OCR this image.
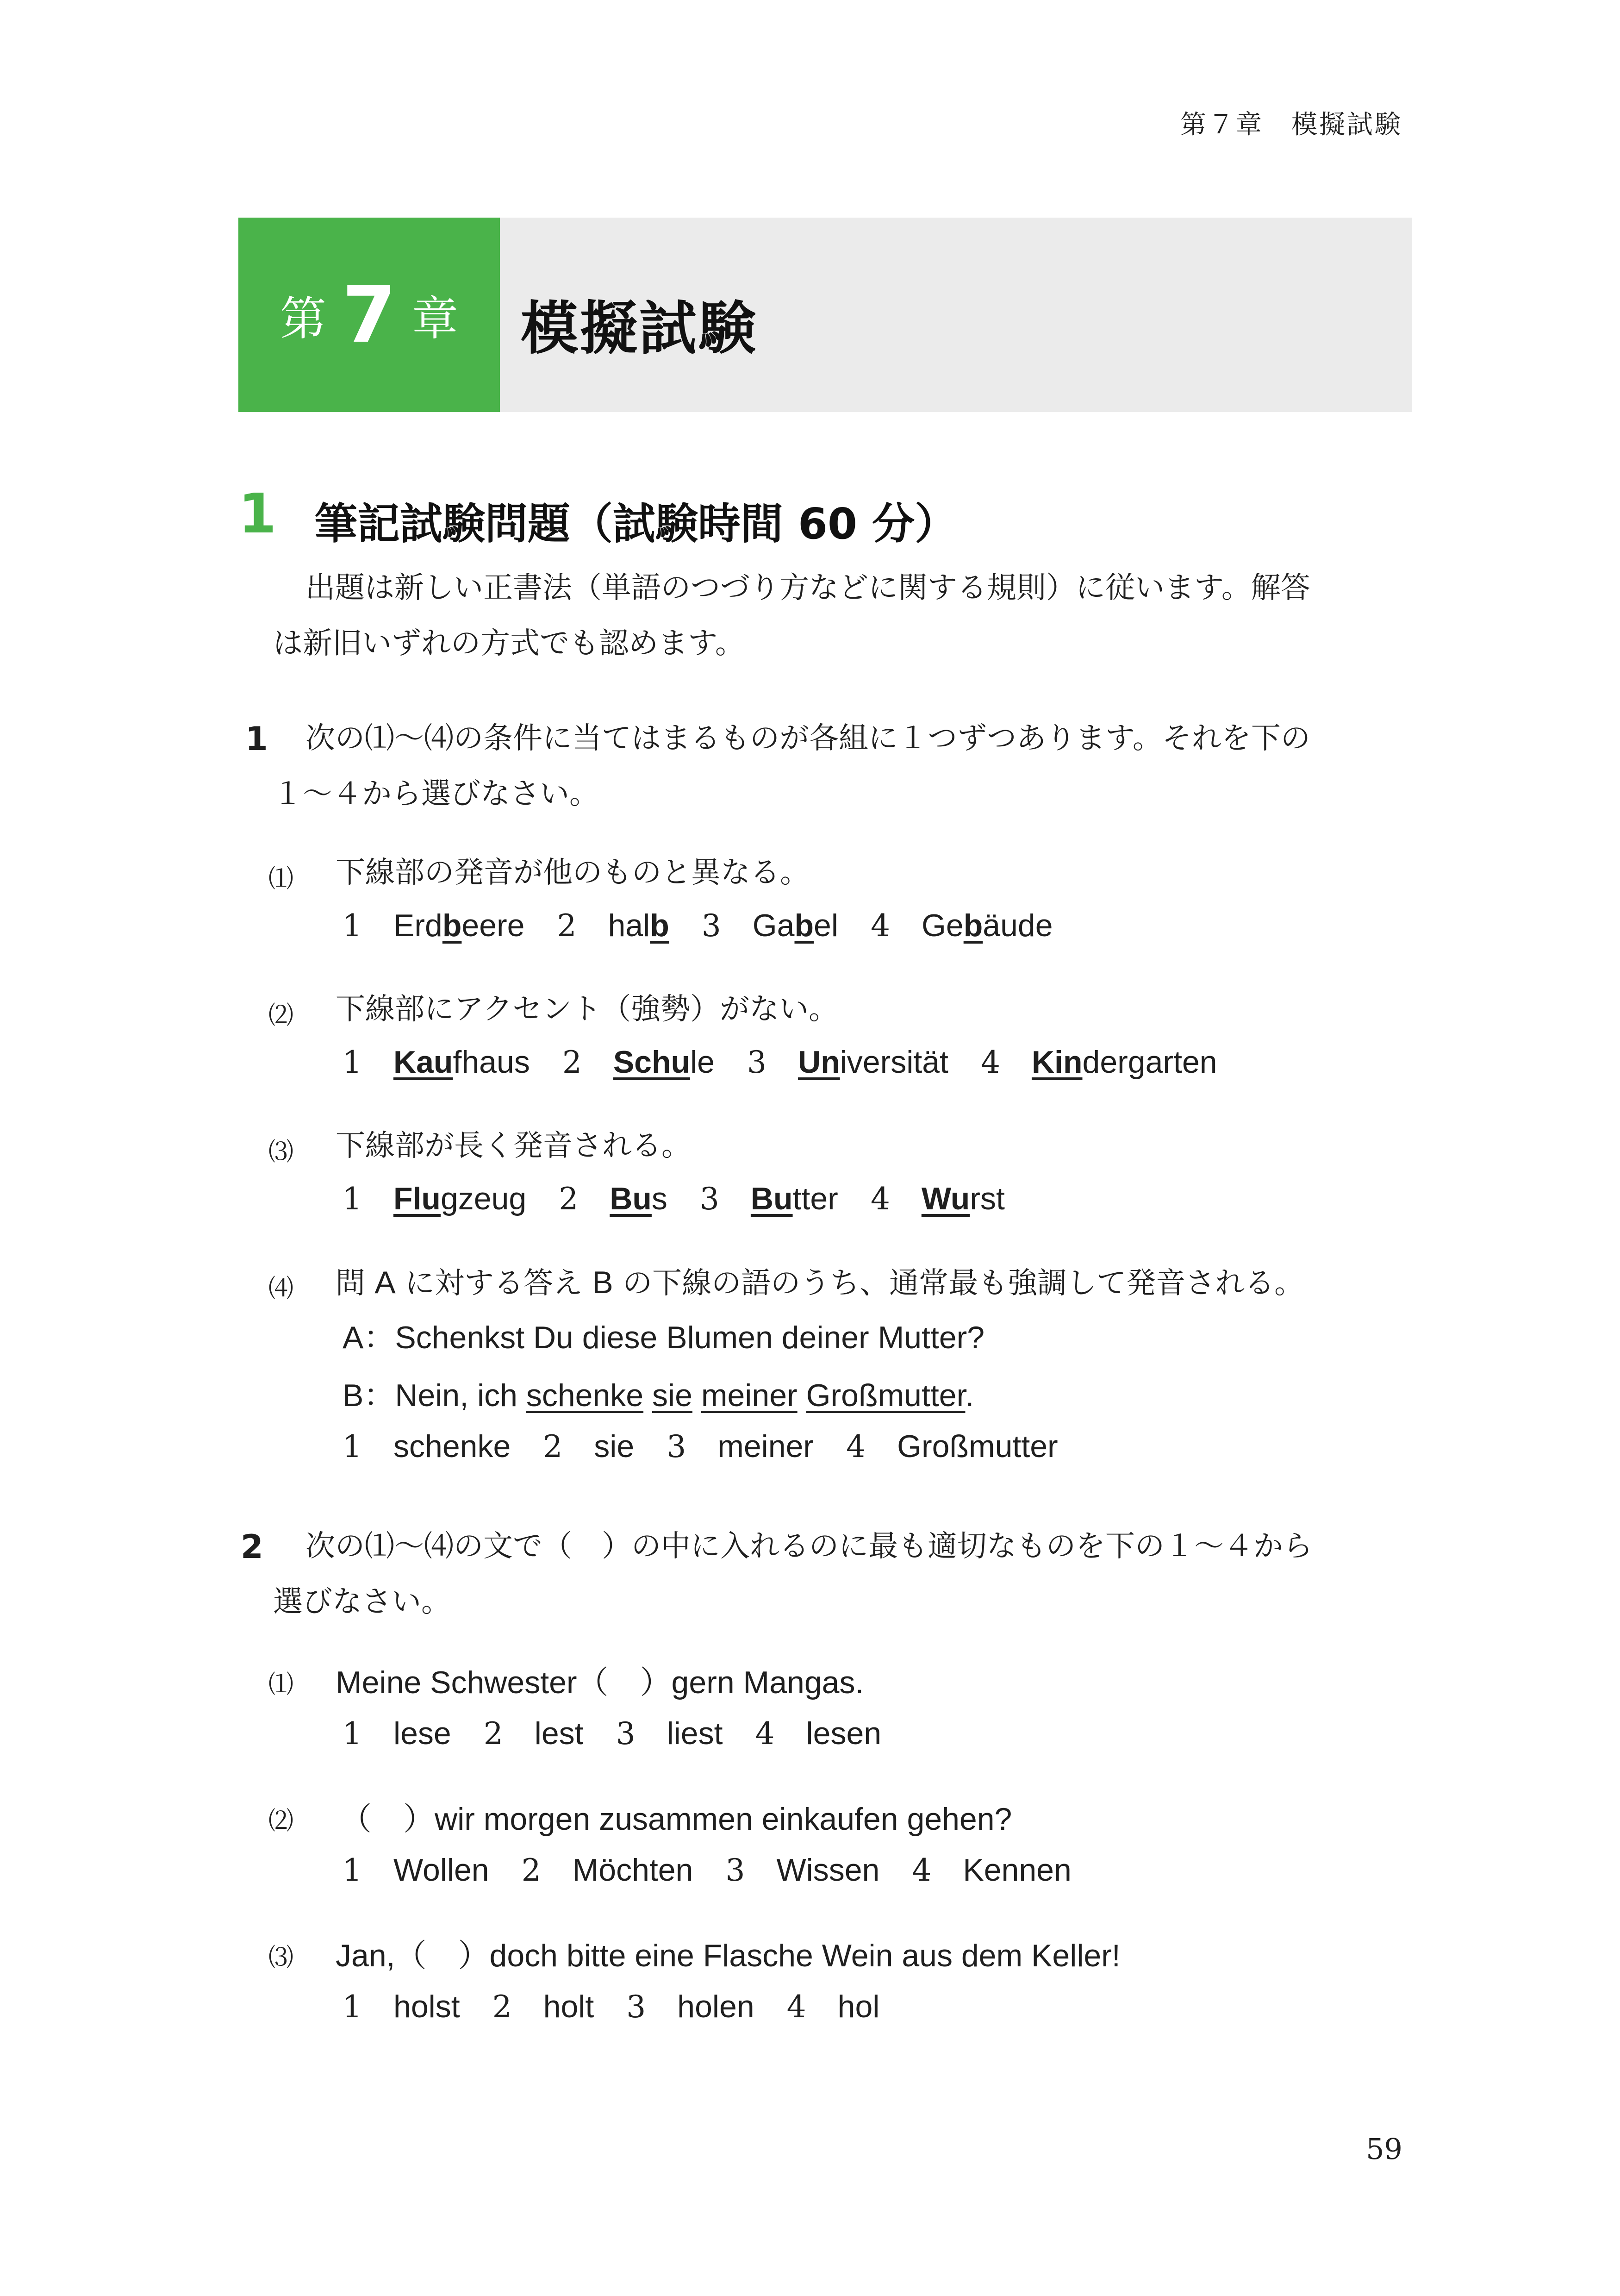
第７章　模擬試験
第 7 章 模擬試験
1 筆記試験問題（試験時間 60 分）
出題は新しい正書法（単語のつづり方などに関する規則）に従います。解答
は新旧いずれの方式でも認めます。
1 次の⑴〜⑷の条件に当てはまるものが各組に１つずつあります。それを下の
１〜４から選びなさい。
⑴ 下線部の発音が他のものと異なる。
1	Erdbeere 2	halb 3	Gabel 4	Gebäude
⑵ 下線部にアクセント（強勢）がない。
1	Kaufhaus 2	Schule 3	Universität 4	Kindergarten
⑶ 下線部が長く発音される。
1	Flugzeug 2	Bus 3	Butter 4	Wurst
⑷ 問 A に対する答え B の下線の語のうち、通常最も強調して発音される。
A：Schenkst Du diese Blumen deiner Mutter?
B：Nein, ich schenke sie meiner Großmutter.
1	schenke 2	sie 3	meiner 4	Großmutter
2 次の⑴〜⑷の文で（　）の中に入れるのに最も適切なものを下の１〜４から
選びなさい。
⑴ Meine Schwester（　）gern Mangas.
1	lese 2	lest 3	liest 4	lesen
⑵ （　）wir morgen zusammen einkaufen gehen?
1	Wollen 2	Möchten 3	Wissen 4	Kennen
⑶ Jan,（　）doch bitte eine Flasche Wein aus dem Keller!
1	holst 2	holt 3	holen 4	hol
59
